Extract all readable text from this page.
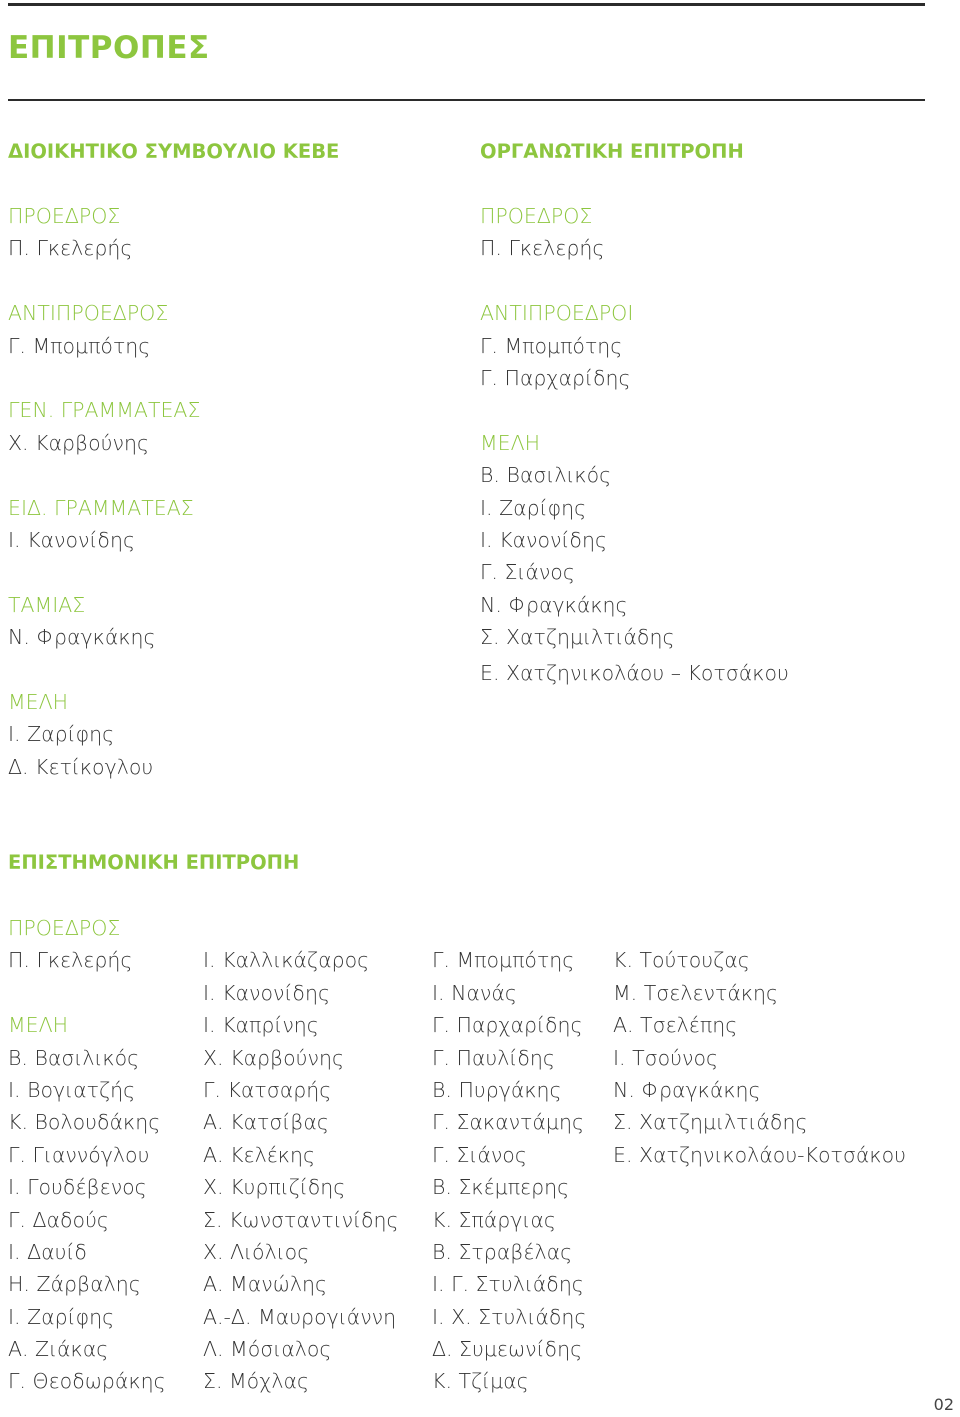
ΕΠΙΤΡΟΠΕΣ
ΔΙΟΙΚΗΤΙΚΟ ΣΥΜΒΟΥΛΙΟ ΚΕΒΕ
ΠΡΟΕΔΡΟΣ
Π. Γκελερής
ΑΝΤΙΠΡΟΕΔΡΟΣ
Γ. Μπομπότης
ΓΕΝ. ΓΡΑΜΜΑΤΕΑΣ
Χ. Καρβούνης
ΕΙΔ. ΓΡΑΜΜΑΤΕΑΣ
Ι. Κανονίδης
ΤΑΜΙΑΣ
Ν. Φραγκάκης
ΜΕΛΗ
Ι. Ζαρίφης
Δ. Κετίκογλου
ΟΡΓΑΝΩΤΙΚΗ ΕΠΙΤΡΟΠΗ
ΠΡΟΕΔΡΟΣ
Π. Γκελερής
ΑΝΤΙΠΡΟΕΔΡΟΙ
Γ. Μπομπότης
Γ. Παρχαρίδης
ΜΕΛΗ
Β. Βασιλικός
Ι. Ζαρίφης
Ι. Κανονίδης
Γ. Σιάνος
Ν. Φραγκάκης
Σ. Χατζημιλτιάδης
Ε. Χατζηνικολάου – Κοτσάκου
ΕΠΙΣΤΗΜΟΝΙΚΗ ΕΠΙΤΡΟΠΗ
ΠΡΟΕΔΡΟΣ
Π. Γκελερής
ΜΕΛΗ
Β. Βασιλικός
Ι. Βογιατζής
Κ. Βολουδάκης
Γ. Γιαννόγλου
Ι. Γουδέβενος
Γ. Δαδούς
Ι. Δαυίδ
Η. Ζάρβαλης
Ι. Ζαρίφης
Α. Ζιάκας
Γ. Θεοδωράκης
Ι. Καλλικάζαρος
Ι. Κανονίδης
Ι. Καπρίνης
Χ. Καρβούνης
Γ. Κατσαρής
Α. Κατσίβας
Α. Κελέκης
Χ. Κυρπιζίδης
Σ. Κωνσταντινίδης
Χ. Λιόλιος
Α. Μανώλης
Α.-Δ. Μαυρογιάννη
Λ. Μόσιαλος
Σ. Μόχλας
Γ. Μπομπότης
Ι. Νανάς
Γ. Παρχαρίδης
Γ. Παυλίδης
Β. Πυργάκης
Γ. Σακαντάμης
Γ. Σιάνος
Β. Σκέμπερης
Κ. Σπάργιας
Β. Στραβέλας
Ι. Γ. Στυλιάδης
Ι. Χ. Στυλιάδης
Δ. Συμεωνίδης
Κ. Τζίμας
Κ. Τούτουζας
Μ. Τσελεντάκης
Α. Τσελέπης
Ι. Τσούνος
Ν. Φραγκάκης
Σ. Χατζημιλτιάδης
Ε. Χατζηνικολάου-Κοτσάκου
02
